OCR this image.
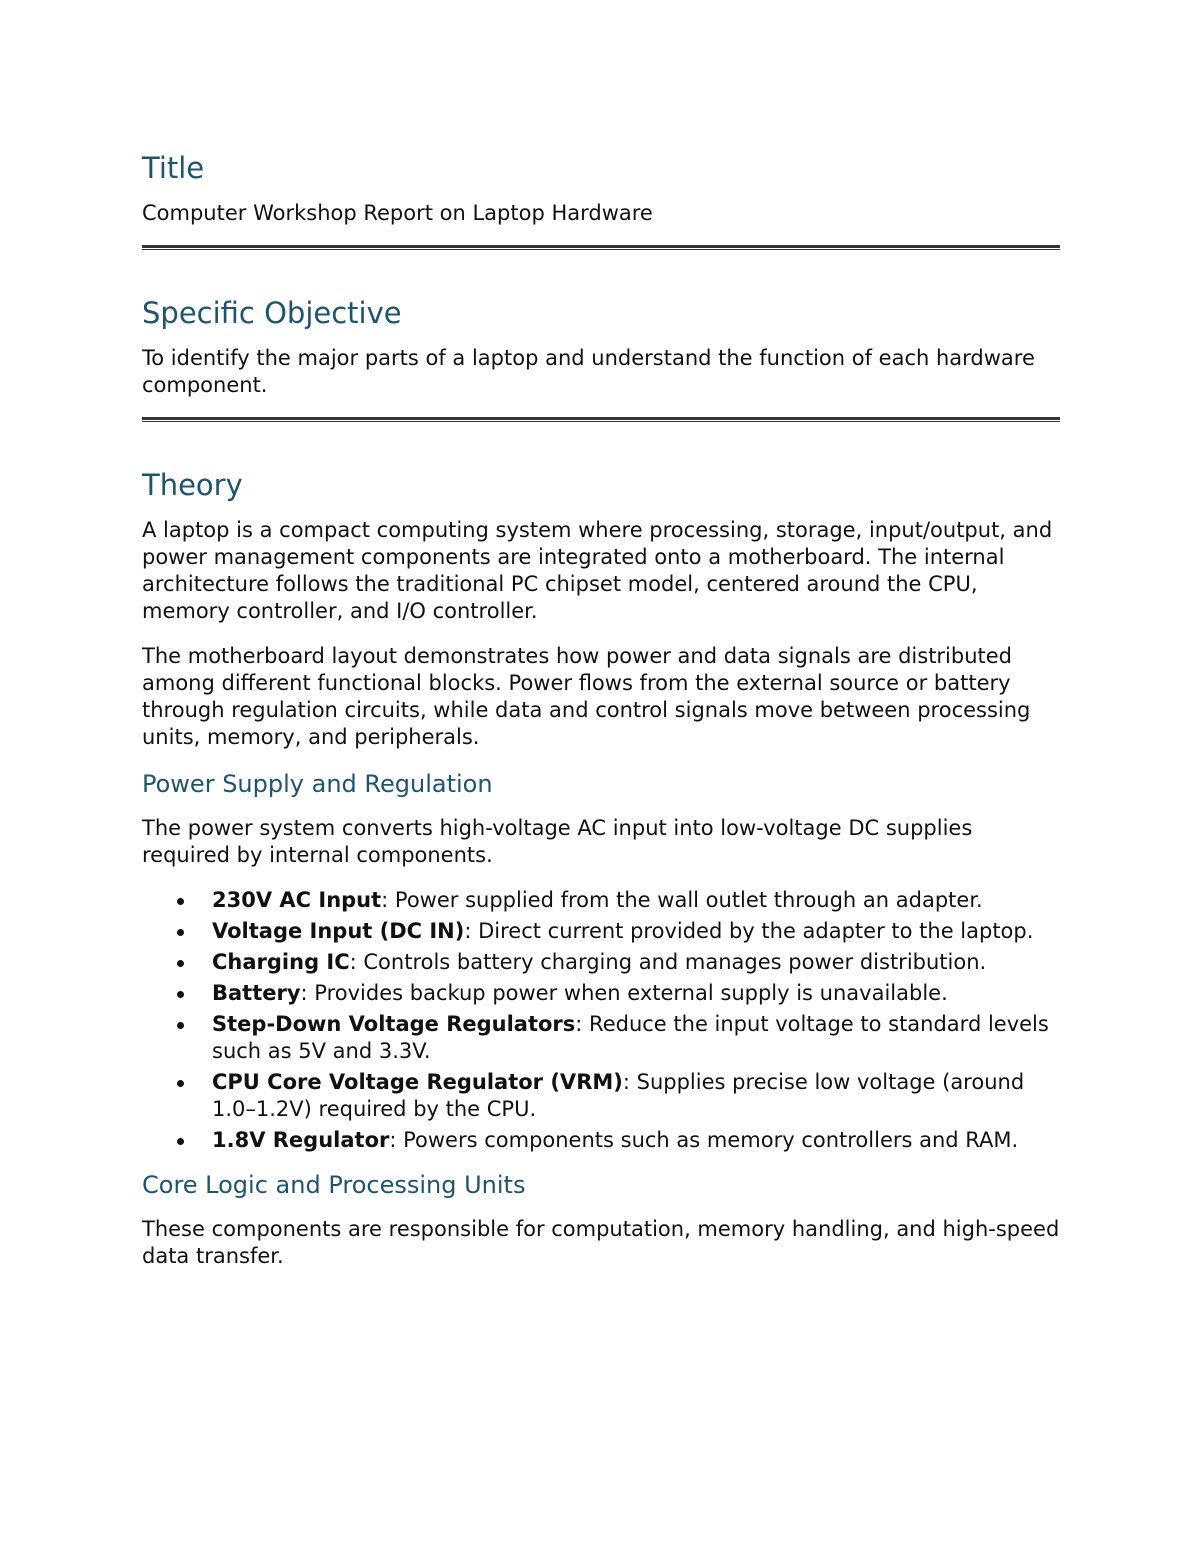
Title

Computer Workshop Report on Laptop Hardware

Specific Objective

To identify the major parts of a laptop and understand the function of each hardware component.

Theory

A laptop is a compact computing system where processing, storage, input/output, and power management components are integrated onto a motherboard. The internal architecture follows the traditional PC chipset model, centered around the CPU, memory controller, and I/O controller.

The motherboard layout demonstrates how power and data signals are distributed among different functional blocks. Power flows from the external source or battery through regulation circuits, while data and control signals move between processing units, memory, and peripherals.

Power Supply and Regulation

The power system converts high-voltage AC input into low-voltage DC supplies required by internal components.

230V AC Input: Power supplied from the wall outlet through an adapter.
Voltage Input (DC IN): Direct current provided by the adapter to the laptop.
Charging IC: Controls battery charging and manages power distribution.
Battery: Provides backup power when external supply is unavailable.
Step-Down Voltage Regulators: Reduce the input voltage to standard levels such as 5V and 3.3V.
CPU Core Voltage Regulator (VRM): Supplies precise low voltage (around 1.0–1.2V) required by the CPU.
1.8V Regulator: Powers components such as memory controllers and RAM.
Core Logic and Processing Units

These components are responsible for computation, memory handling, and high-speed data transfer.
